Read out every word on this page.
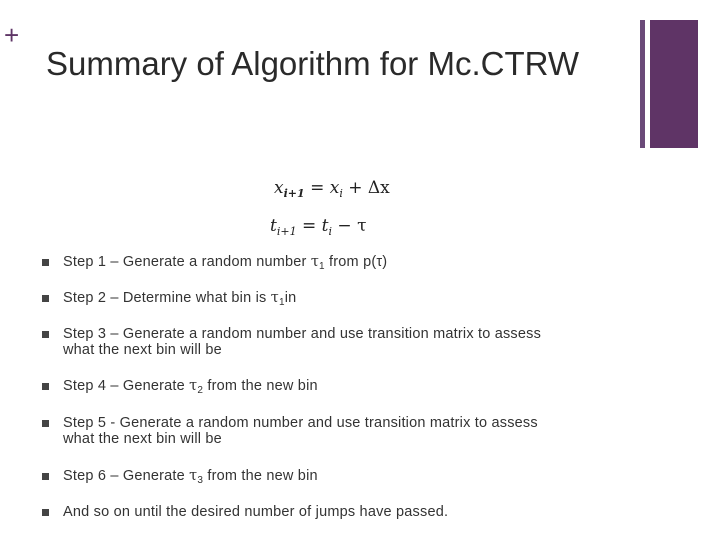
+
Summary of Algorithm for Mc.CTRW
$x_{i+1} = x_i + \Delta x$
$t_{i+1} = t_i - \tau$
Step 1 – Generate a random number $\tau_1$ from p(τ)
Step 2 – Determine what bin is $\tau_1in$
Step 3 – Generate a random number and use transition matrix to assess
what the next bin will be
Step 4 – Generate $\tau_2$ from the new bin
Step 5 - Generate a random number and use transition matrix to assess
what the next bin will be
Step 6 – Generate $\tau_3$ from the new bin
And so on until the desired number of jumps have passed.
